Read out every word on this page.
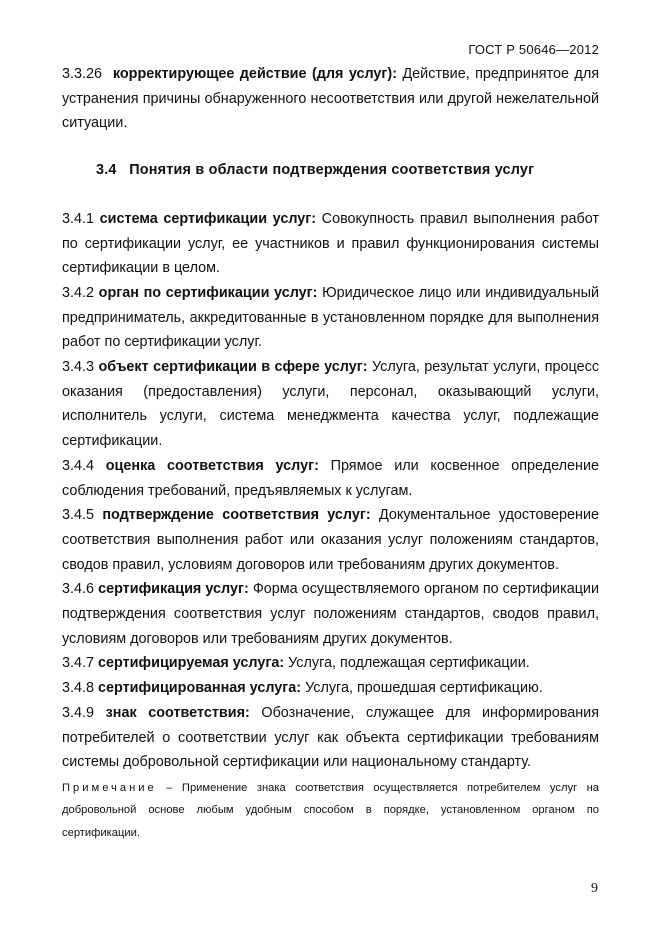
ГОСТ Р 50646—2012

3.3.26 корректирующее действие (для услуг): Действие, предпринятое для устранения причины обнаруженного несоответствия или другой нежелательной ситуации.

3.4 Понятия в области подтверждения соответствия услуг

3.4.1 система сертификации услуг: Совокупность правил выполнения работ по сертификации услуг, ее участников и правил функционирования системы сертификации в целом.

3.4.2 орган по сертификации услуг: Юридическое лицо или индивидуальный предприниматель, аккредитованные в установленном порядке для выполнения работ по сертификации услуг.

3.4.3 объект сертификации в сфере услуг: Услуга, результат услуги, процесс оказания (предоставления) услуги, персонал, оказывающий услуги, исполнитель услуги, система менеджмента качества услуг, подлежащие сертификации.

3.4.4 оценка соответствия услуг: Прямое или косвенное определение соблюдения требований, предъявляемых к услугам.

3.4.5 подтверждение соответствия услуг: Документальное удостоверение соответствия выполнения работ или оказания услуг положениям стандартов, сводов правил, условиям договоров или требованиям других документов.

3.4.6 сертификация услуг: Форма осуществляемого органом по сертификации подтверждения соответствия услуг положениям стандартов, сводов правил, условиям договоров или требованиям других документов.

3.4.7 сертифицируемая услуга: Услуга, подлежащая сертификации.

3.4.8 сертифицированная услуга: Услуга, прошедшая сертификацию.

3.4.9 знак соответствия: Обозначение, служащее для информирования потребителей о соответствии услуг как объекта сертификации требованиям системы добровольной сертификации или национальному стандарту.

Примечание – Применение знака соответствия осуществляется потребителем услуг на добровольной основе любым удобным способом в порядке, установленном органом по сертификации.

9
